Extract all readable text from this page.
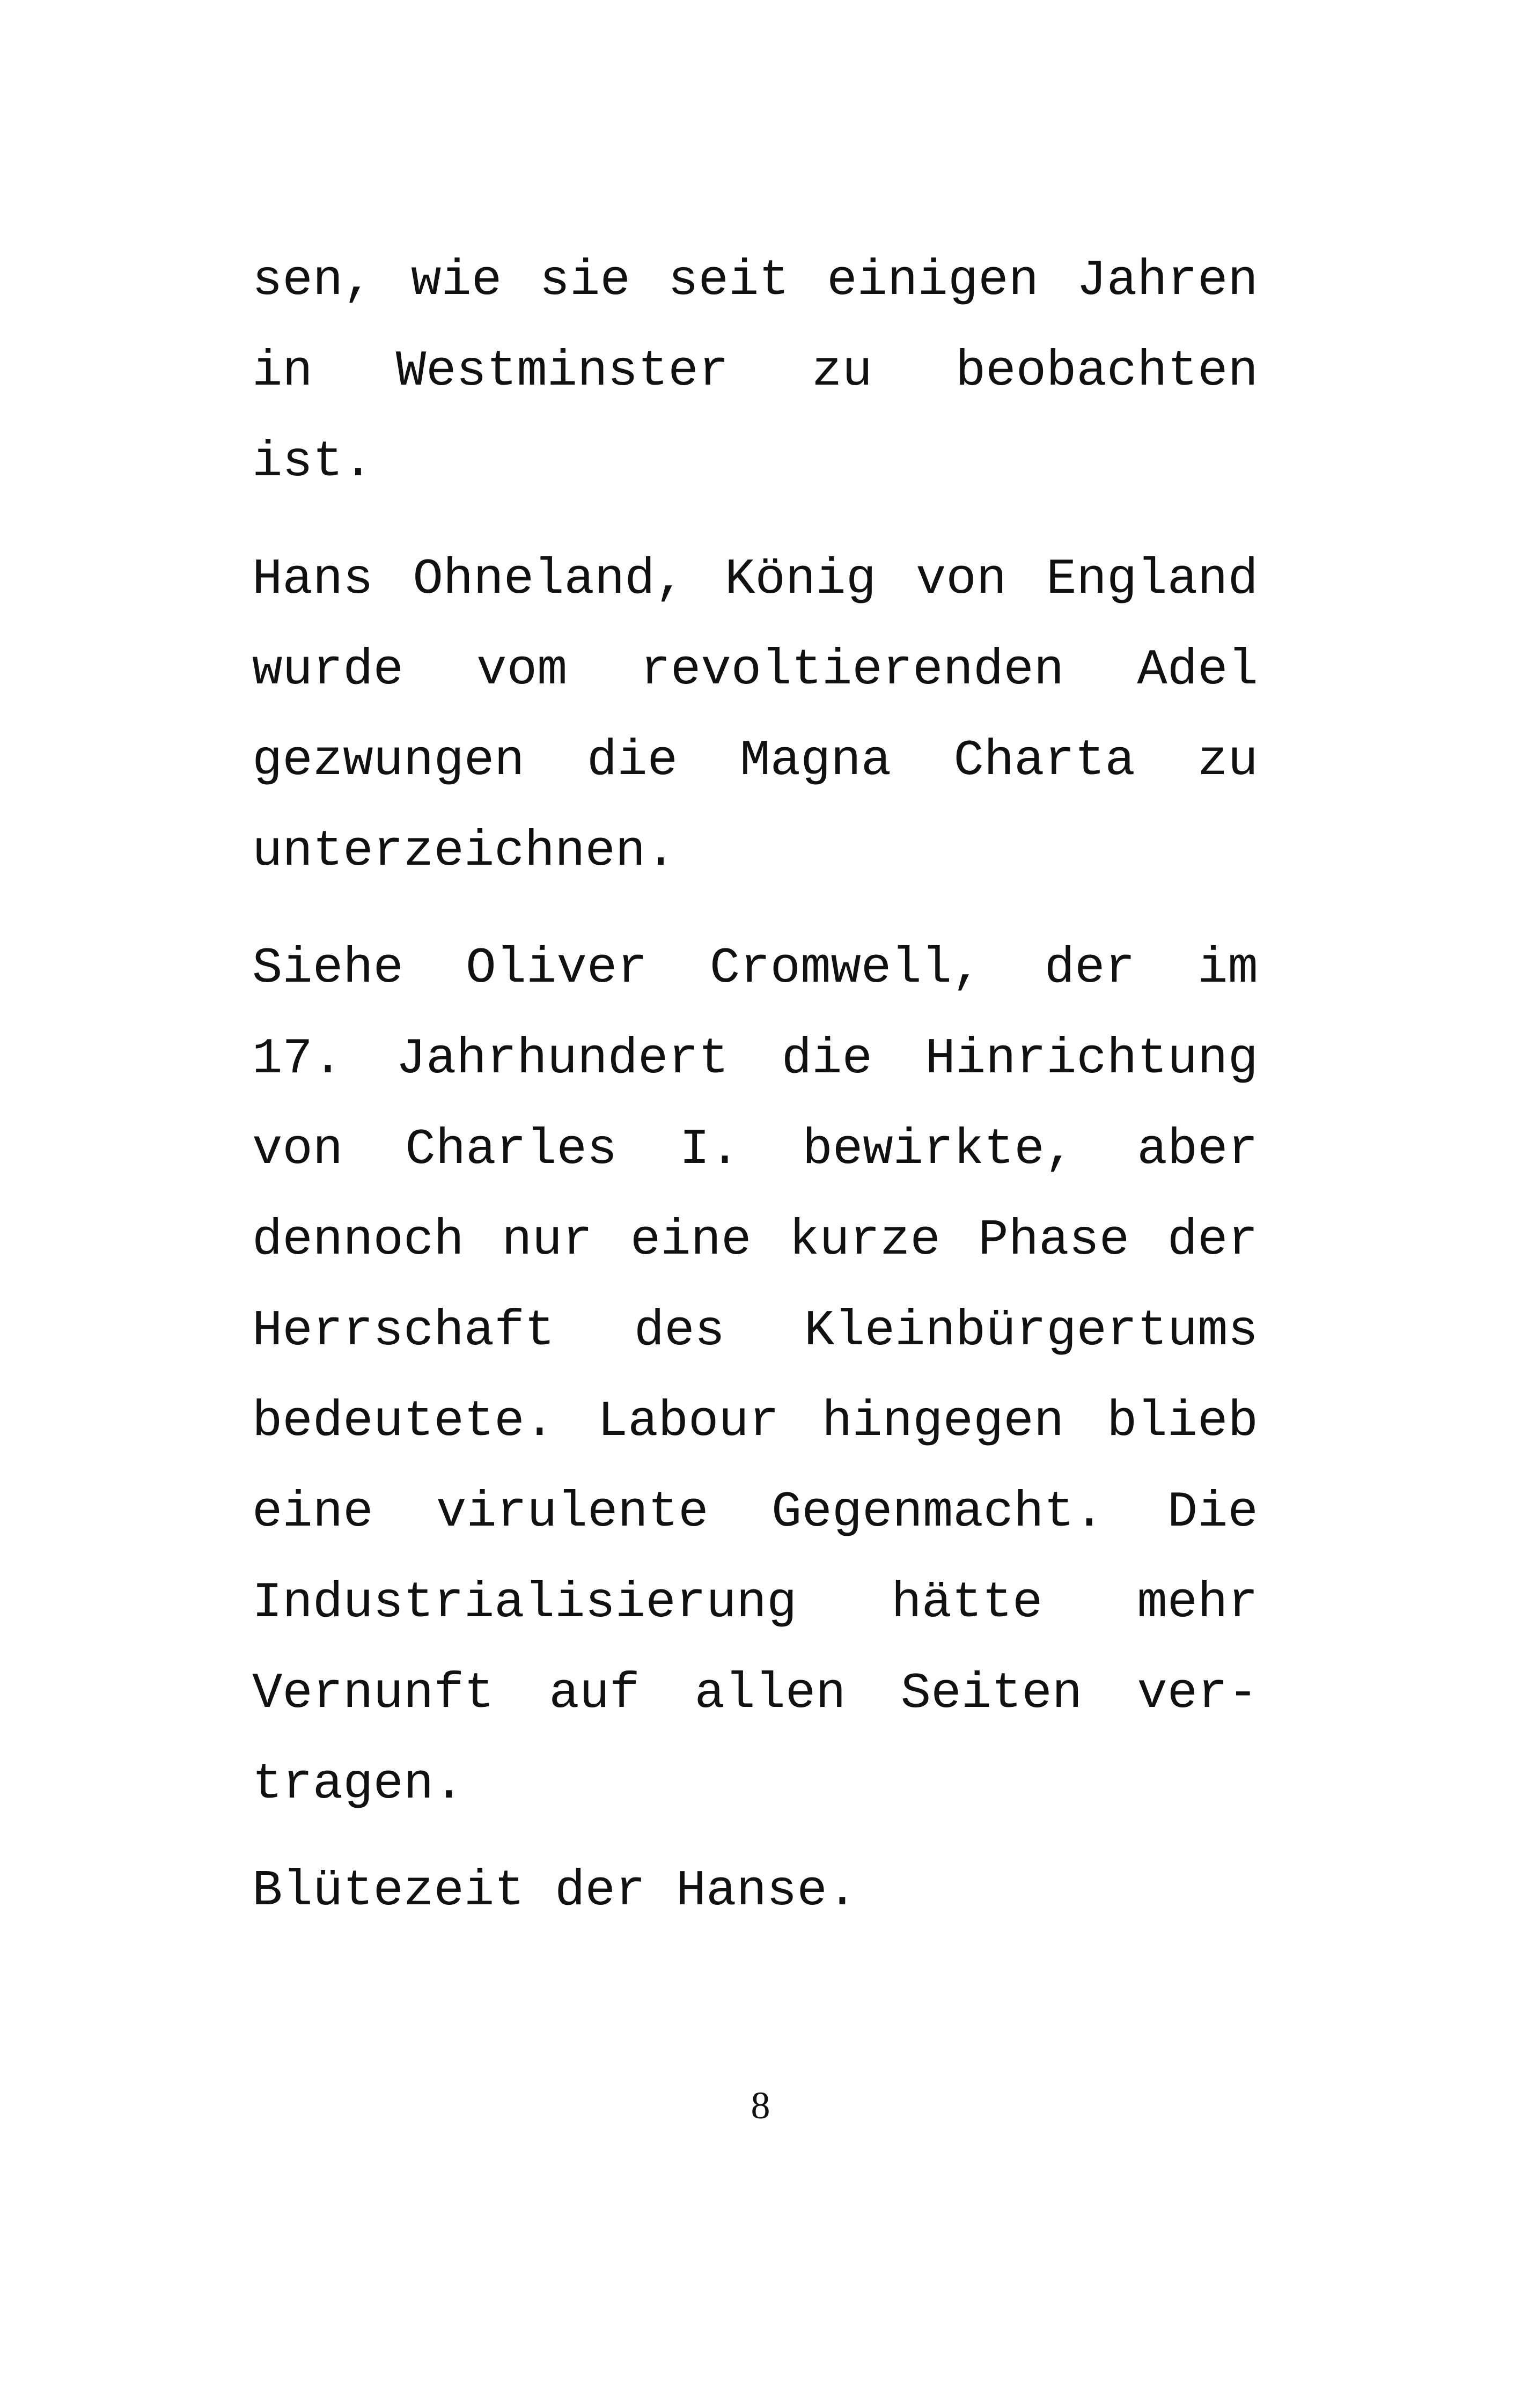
sen, wie sie seit einigen Jahren
in Westminster zu beobachten
ist.
Hans Ohneland, König von England
wurde vom revoltierenden Adel
gezwungen die Magna Charta zu
unterzeichnen.
Siehe Oliver Cromwell, der im
17. Jahrhundert die Hinrichtung
von Charles I. bewirkte, aber
dennoch nur eine kurze Phase der
Herrschaft des Kleinbürgertums
bedeutete. Labour hingegen blieb
eine virulente Gegenmacht. Die
Industrialisierung hätte mehr
Vernunft auf allen Seiten ver-
tragen.
Blütezeit der Hanse.
8
